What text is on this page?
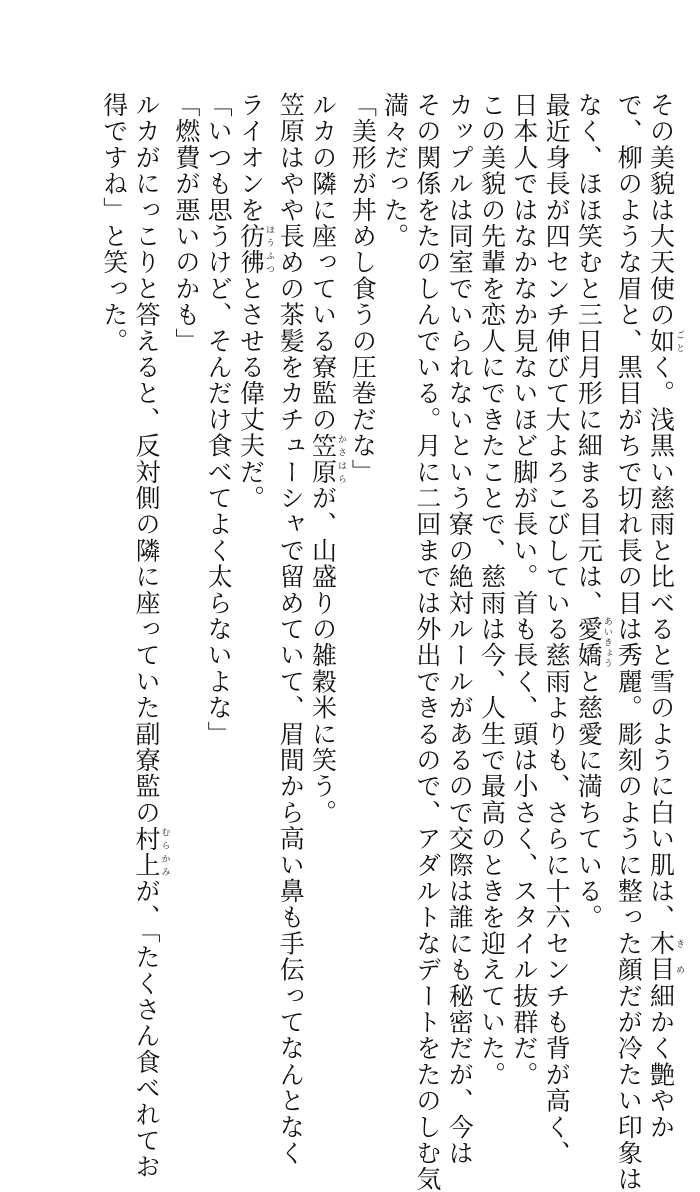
その美貌は大天使の如ごとく。浅黒い慈雨と比べると雪のように白い肌は、木目きめ細かく艶やか
で、柳のような眉と、黒目がちで切れ長の目は秀麗。彫刻のように整った顔だが冷たい印象は
なく、ほほ笑むと三日月形に細まる目元は、愛嬌あいきょうと慈愛に満ちている。
最近身長が四センチ伸びて大よろこびしている慈雨よりも、さらに十六センチも背が高く、
日本人ではなかなか見ないほど脚が長い。首も長く、頭は小さく、スタイル抜群だ。
この美貌の先輩を恋人にできたことで、慈雨は今、人生で最高のときを迎えていた。
カップルは同室でいられないという寮の絶対ルールがあるので交際は誰にも秘密だが、今は
その関係をたのしんでいる。月に二回までは外出できるので、アダルトなデートをたのしむ気
満々だった。
「美形が丼めし食うの圧巻だな」
ルカの隣に座っている寮監の笠原かさはらが、山盛りの雑穀米に笑う。
笠原はやや長めの茶髪をカチューシャで留めていて、眉間から高い鼻も手伝ってなんとなく
ライオンを彷彿ほうふつとさせる偉丈夫だ。
「いつも思うけど、そんだけ食べてよく太らないよな」
「燃費が悪いのかも」
ルカがにっこりと答えると、反対側の隣に座っていた副寮監の村上むらかみが、「たくさん食べれてお
得ですね」と笑った。
